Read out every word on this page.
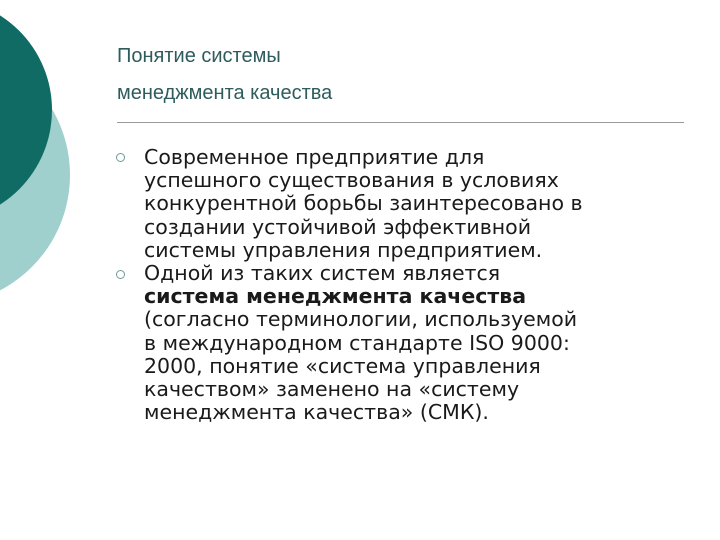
Понятие системы
менеджмента качества
Современное предприятие для
успешного существования в условиях
конкурентной борьбы заинтересовано в
создании устойчивой эффективной
системы управления предприятием.
Одной из таких систем является
система менеджмента качества
(согласно терминологии, используемой
в международном стандарте ISO 9000:
2000, понятие «система управления
качеством» заменено на «систему
менеджмента качества» (СМК).
